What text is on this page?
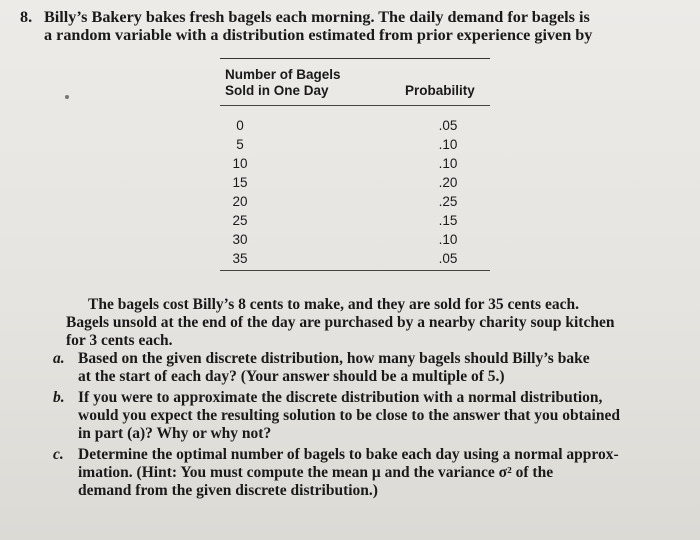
8. Billy’s Bakery bakes fresh bagels each morning. The daily demand for bagels is
a random variable with a distribution estimated from prior experience given by
Number of Bagels
Sold in One Day	Probability
0
5
10
15
20
25
30
35
.05
.10
.10
.20
.25
.15
.10
.05

The bagels cost Billy’s 8 cents to make, and they are sold for 35 cents each.

Bagels unsold at the end of the day are purchased by a nearby charity soup kitchen

for 3 cents each.

a. Based on the given discrete distribution, how many bagels should Billy’s bake
at the start of each day? (Your answer should be a multiple of 5.)
b. If you were to approximate the discrete distribution with a normal distribution,
would you expect the resulting solution to be close to the answer that you obtained
in part (a)? Why or why not?
c. Determine the optimal number of bagels to bake each day using a normal approx-
imation. (Hint: You must compute the mean μ and the variance σ² of the
demand from the given discrete distribution.)
